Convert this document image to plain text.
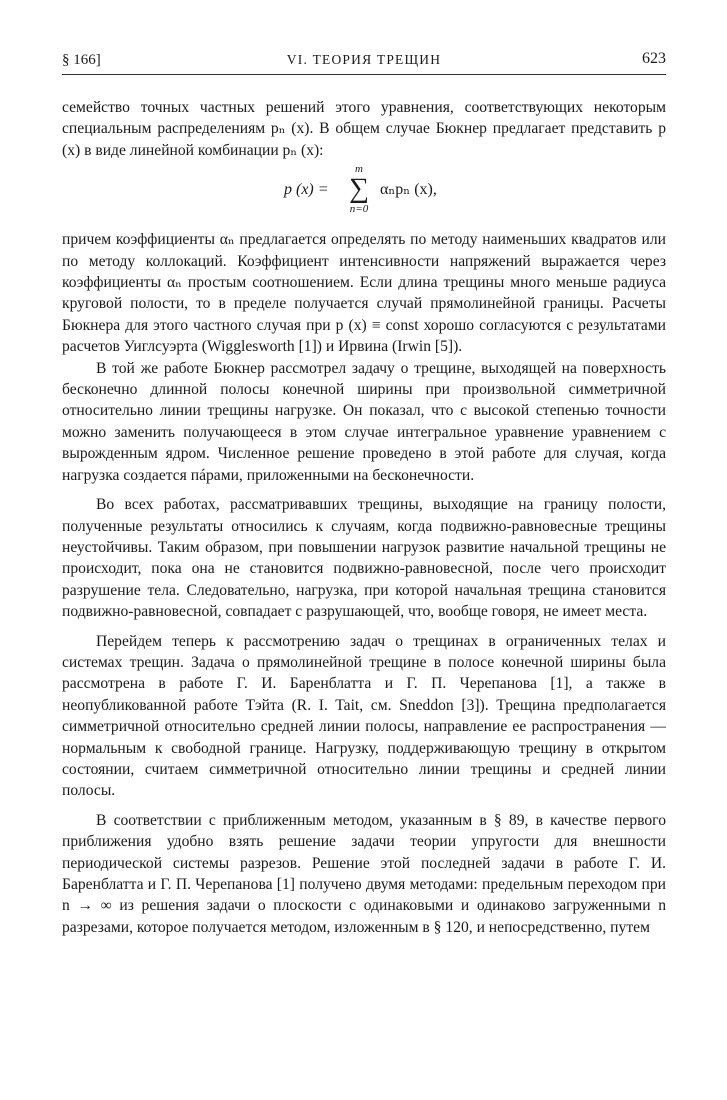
§ 166]	VI. ТЕОРИЯ ТРЕЩИН	623

семейство точных частных решений этого уравнения, соответствующих некоторым специальным распределениям pₙ (x). В общем случае Бюкнер предлагает представить p (x) в виде линейной комбинации pₙ (x):

p (x) =
m
∑
n=0
αₙpₙ (x),

причем коэффициенты αₙ предлагается определять по методу наименьших квадратов или по методу коллокаций. Коэффициент интенсивности напряжений выражается через коэффициенты αₙ простым соотношением. Если длина трещины много меньше радиуса круговой полости, то в пределе получается случай прямолинейной границы. Расчеты Бюкнера для этого частного случая при p (x) ≡ const хорошо согласуются с результатами расчетов Уиглсуэрта (Wigglesworth [1]) и Ирвина (Irwin [5]).

В той же работе Бюкнер рассмотрел задачу о трещине, выходящей на поверхность бесконечно длинной полосы конечной ширины при произвольной симметричной относительно линии трещины нагрузке. Он показал, что с высокой степенью точности можно заменить получающееся в этом случае интегральное уравнение уравнением с вырожденным ядром. Численное решение проведено в этой работе для случая, когда нагрузка создается пáрами, приложенными на бесконечности.

Во всех работах, рассматривавших трещины, выходящие на границу полости, полученные результаты относились к случаям, когда подвижно-равновесные трещины неустойчивы. Таким образом, при повышении нагрузок развитие начальной трещины не происходит, пока она не становится подвижно-равновесной, после чего происходит разрушение тела. Следовательно, нагрузка, при которой начальная трещина становится подвижно-равновесной, совпадает с разрушающей, что, вообще говоря, не имеет места.

Перейдем теперь к рассмотрению задач о трещинах в ограниченных телах и системах трещин. Задача о прямолинейной трещине в полосе конечной ширины была рассмотрена в работе Г. И. Баренблатта и Г. П. Черепанова [1], а также в неопубликованной работе Тэйта (R. I. Tait, см. Sneddon [3]). Трещина предполагается симметричной относительно средней линии полосы, направление ее распространения — нормальным к свободной границе. Нагрузку, поддерживающую трещину в открытом состоянии, считаем симметричной относительно линии трещины и средней линии полосы.

В соответствии с приближенным методом, указанным в § 89, в качестве первого приближения удобно взять решение задачи теории упругости для внешности периодической системы разрезов. Решение этой последней задачи в работе Г. И. Баренблатта и Г. П. Черепанова [1] получено двумя методами: предельным переходом при n → ∞ из решения задачи о плоскости с одинаковыми и одинаково загруженными n разрезами, которое получается методом, изложенным в § 120, и непосредственно, путем
